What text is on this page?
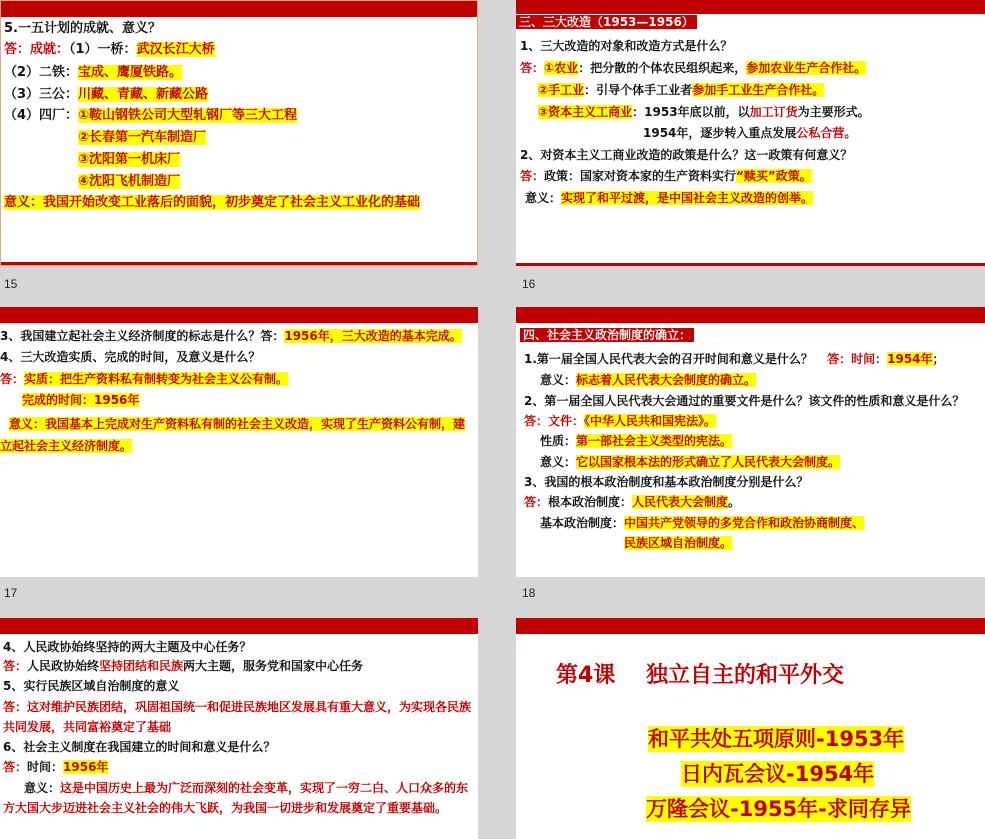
5.一五计划的成就、意义？
答：成就：（1）一桥：武汉长江大桥
（2）二铁：宝成、鹰厦铁路。
（3）三公：川藏、青藏、新藏公路
（4）四厂：①鞍山钢铁公司大型轧钢厂等三大工程
②长春第一汽车制造厂
③沈阳第一机床厂
④沈阳飞机制造厂
意义：我国开始改变工业落后的面貌，初步奠定了社会主义工业化的基础
15
三、三大改造（1953—1956）
1、三大改造的对象和改造方式是什么？
答：①农业：把分散的个体农民组织起来，参加农业生产合作社。
②手工业：引导个体手工业者参加手工业生产合作社。
③资本主义工商业：1953年底以前，以加工订货为主要形式。
1954年，逐步转入重点发展公私合营。
2、对资本主义工商业改造的政策是什么？这一政策有何意义？
答：政策：国家对资本家的生产资料实行“赎买”政策。
意义：实现了和平过渡，是中国社会主义改造的创举。
16
3、我国建立起社会主义经济制度的标志是什么？答：1956年，三大改造的基本完成。
4、三大改造实质、完成的时间，及意义是什么？
答：实质：把生产资料私有制转变为社会主义公有制。
完成的时间：1956年
意义：我国基本上完成对生产资料私有制的社会主义改造，实现了生产资料公有制，建
立起社会主义经济制度。
17
四、社会主义政治制度的确立：
1.第一届全国人民代表大会的召开时间和意义是什么？ 答：时间：1954年；
意义：标志着人民代表大会制度的确立。
2、第一届全国人民代表大会通过的重要文件是什么？该文件的性质和意义是什么？
答：文件：《中华人民共和国宪法》。
性质：第一部社会主义类型的宪法。
意义：它以国家根本法的形式确立了人民代表大会制度。
3、我国的根本政治制度和基本政治制度分别是什么？
答：根本政治制度：人民代表大会制度。
基本政治制度：中国共产党领导的多党合作和政治协商制度、
民族区域自治制度。
18
4、人民政协始终坚持的两大主题及中心任务？
答：人民政协始终坚持团结和民族两大主题，服务党和国家中心任务
5、实行民族区域自治制度的意义
答：这对维护民族团结，巩固祖国统一和促进民族地区发展具有重大意义，为实现各民族
共同发展，共同富裕奠定了基础
6、社会主义制度在我国建立的时间和意义是什么？
答：时间：1956年
意义：这是中国历史上最为广泛而深刻的社会变革，实现了一穷二白、人口众多的东
方大国大步迈进社会主义社会的伟大飞跃，为我国一切进步和发展奠定了重要基础。
第4课 独立自主的和平外交
和平共处五项原则-1953年
日内瓦会议-1954年
万隆会议-1955年-求同存异
